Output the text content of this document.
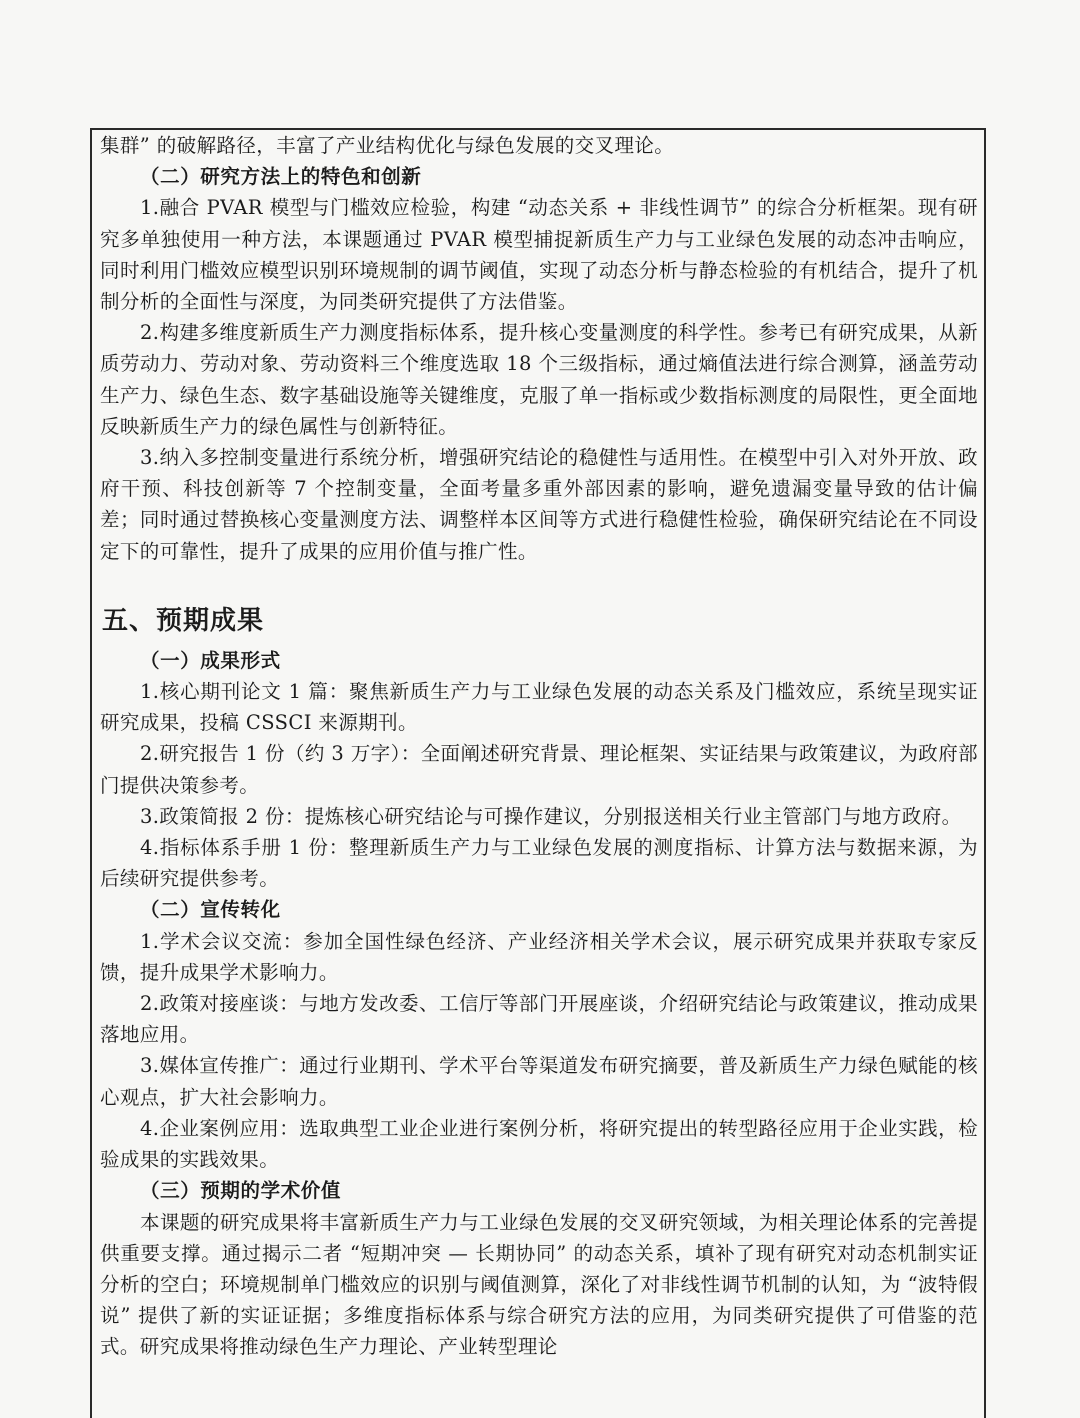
集群” 的破解路径，丰富了产业结构优化与绿色发展的交叉理论。

（二）研究方法上的特色和创新

1.融合 PVAR 模型与门槛效应检验，构建 “动态关系 + 非线性调节” 的综合分析框架。现有研究多单独使用一种方法，本课题通过 PVAR 模型捕捉新质生产力与工业绿色发展的动态冲击响应，同时利用门槛效应模型识别环境规制的调节阈值，实现了动态分析与静态检验的有机结合，提升了机制分析的全面性与深度，为同类研究提供了方法借鉴。

2.构建多维度新质生产力测度指标体系，提升核心变量测度的科学性。参考已有研究成果，从新质劳动力、劳动对象、劳动资料三个维度选取 18 个三级指标，通过熵值法进行综合测算，涵盖劳动生产力、绿色生态、数字基础设施等关键维度，克服了单一指标或少数指标测度的局限性，更全面地反映新质生产力的绿色属性与创新特征。

3.纳入多控制变量进行系统分析，增强研究结论的稳健性与适用性。在模型中引入对外开放、政府干预、科技创新等 7 个控制变量，全面考量多重外部因素的影响，避免遗漏变量导致的估计偏差；同时通过替换核心变量测度方法、调整样本区间等方式进行稳健性检验，确保研究结论在不同设定下的可靠性，提升了成果的应用价值与推广性。

五、预期成果

（一）成果形式

1.核心期刊论文 1 篇：聚焦新质生产力与工业绿色发展的动态关系及门槛效应，系统呈现实证研究成果，投稿 CSSCI 来源期刊。

2.研究报告 1 份（约 3 万字）：全面阐述研究背景、理论框架、实证结果与政策建议，为政府部门提供决策参考。

3.政策简报 2 份：提炼核心研究结论与可操作建议，分别报送相关行业主管部门与地方政府。

4.指标体系手册 1 份：整理新质生产力与工业绿色发展的测度指标、计算方法与数据来源，为后续研究提供参考。

（二）宣传转化

1.学术会议交流：参加全国性绿色经济、产业经济相关学术会议，展示研究成果并获取专家反馈，提升成果学术影响力。

2.政策对接座谈：与地方发改委、工信厅等部门开展座谈，介绍研究结论与政策建议，推动成果落地应用。

3.媒体宣传推广：通过行业期刊、学术平台等渠道发布研究摘要，普及新质生产力绿色赋能的核心观点，扩大社会影响力。

4.企业案例应用：选取典型工业企业进行案例分析，将研究提出的转型路径应用于企业实践，检验成果的实践效果。

（三）预期的学术价值

本课题的研究成果将丰富新质生产力与工业绿色发展的交叉研究领域，为相关理论体系的完善提供重要支撑。通过揭示二者 “短期冲突 — 长期协同” 的动态关系，填补了现有研究对动态机制实证分析的空白；环境规制单门槛效应的识别与阈值测算，深化了对非线性调节机制的认知，为 “波特假说” 提供了新的实证证据；多维度指标体系与综合研究方法的应用，为同类研究提供了可借鉴的范式。研究成果将推动绿色生产力理论、产业转型理论
